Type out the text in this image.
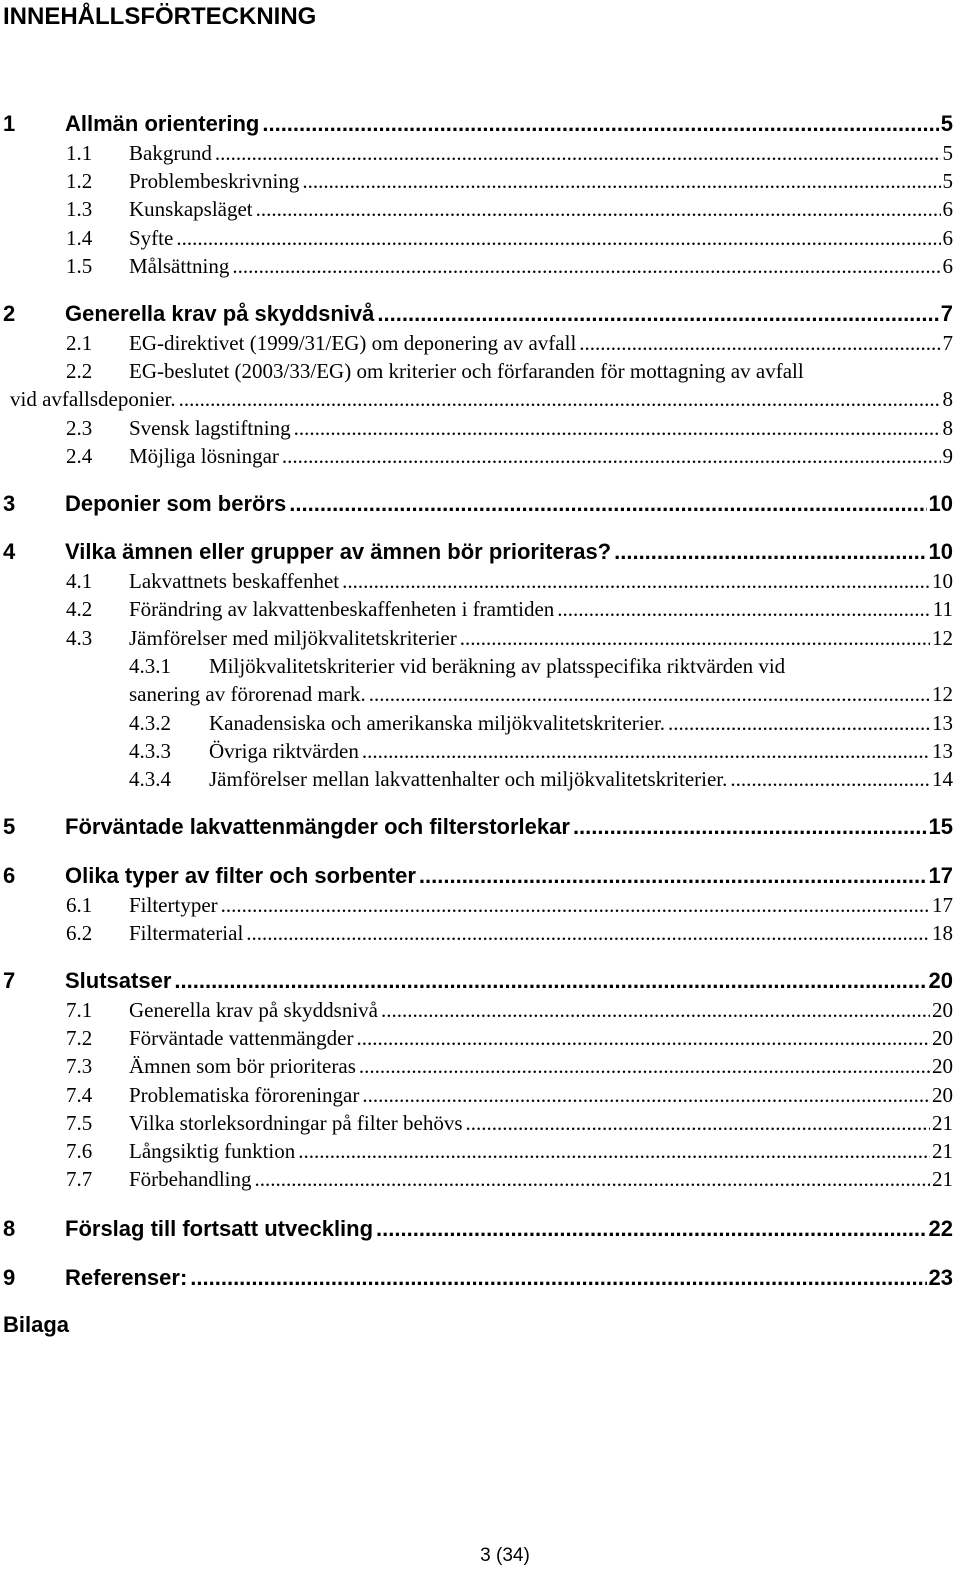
INNEHÅLLSFÖRTECKNING
1	Allmän orientering .....	5
1.1	Bakgrund .....	5
1.2	Problembeskrivning .....	5
1.3	Kunskapsläget .....	6
1.4	Syfte .....	6
1.5	Målsättning .....	6
2	Generella krav på skyddsnivå .....	7
2.1	EG-direktivet (1999/31/EG) om deponering av avfall .....	7
2.2	EG-beslutet (2003/33/EG) om kriterier och förfaranden för mottagning av avfall
vid avfallsdeponier. .....	8
2.3	Svensk lagstiftning .....	8
2.4	Möjliga lösningar .....	9
3	Deponier som berörs .....	10
4	Vilka ämnen eller grupper av ämnen bör prioriteras? .....	10
4.1	Lakvattnets beskaffenhet .....	10
4.2	Förändring av lakvattenbeskaffenheten i framtiden .....	11
4.3	Jämförelser med miljökvalitetskriterier .....	12
4.3.1	Miljökvalitetskriterier vid beräkning av platsspecifika riktvärden vid
sanering av förorenad mark. .....	12
4.3.2	Kanadensiska och amerikanska miljökvalitetskriterier. .....	13
4.3.3	Övriga riktvärden .....	13
4.3.4	Jämförelser mellan lakvattenhalter och miljökvalitetskriterier. .....	14
5	Förväntade lakvattenmängder och filterstorlekar .....	15
6	Olika typer av filter och sorbenter .....	17
6.1	Filtertyper .....	17
6.2	Filtermaterial .....	18
7	Slutsatser .....	20
7.1	Generella krav på skyddsnivå .....	20
7.2	Förväntade vattenmängder .....	20
7.3	Ämnen som bör prioriteras .....	20
7.4	Problematiska föroreningar .....	20
7.5	Vilka storleksordningar på filter behövs .....	21
7.6	Långsiktig funktion .....	21
7.7	Förbehandling .....	21
8	Förslag till fortsatt utveckling .....	22
9	Referenser: .....	23
Bilaga
3 (34)
